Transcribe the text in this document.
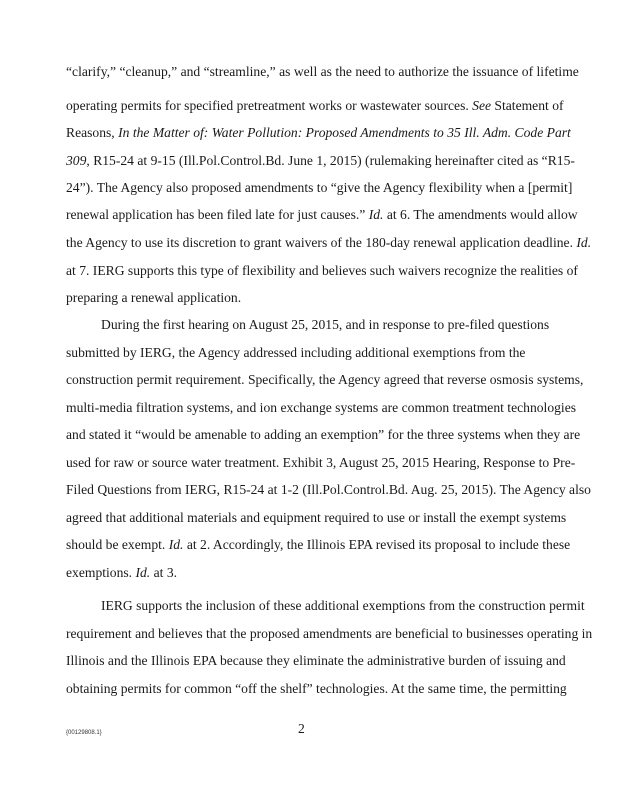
“clarify,” “cleanup,” and “streamline,” as well as the need to authorize the issuance of lifetime
operating permits for specified pretreatment works or wastewater sources. See Statement of
Reasons, In the Matter of: Water Pollution: Proposed Amendments to 35 Ill. Adm. Code Part
309, R15-24 at 9-15 (Ill.Pol.Control.Bd. June 1, 2015) (rulemaking hereinafter cited as “R15-
24”). The Agency also proposed amendments to “give the Agency flexibility when a [permit]
renewal application has been filed late for just causes.” Id. at 6. The amendments would allow
the Agency to use its discretion to grant waivers of the 180-day renewal application deadline. Id.
at 7. IERG supports this type of flexibility and believes such waivers recognize the realities of
preparing a renewal application.
During the first hearing on August 25, 2015, and in response to pre-filed questions
submitted by IERG, the Agency addressed including additional exemptions from the
construction permit requirement. Specifically, the Agency agreed that reverse osmosis systems,
multi-media filtration systems, and ion exchange systems are common treatment technologies
and stated it “would be amenable to adding an exemption” for the three systems when they are
used for raw or source water treatment. Exhibit 3, August 25, 2015 Hearing, Response to Pre-
Filed Questions from IERG, R15-24 at 1-2 (Ill.Pol.Control.Bd. Aug. 25, 2015). The Agency also
agreed that additional materials and equipment required to use or install the exempt systems
should be exempt. Id. at 2. Accordingly, the Illinois EPA revised its proposal to include these
exemptions. Id. at 3.
IERG supports the inclusion of these additional exemptions from the construction permit
requirement and believes that the proposed amendments are beneficial to businesses operating in
Illinois and the Illinois EPA because they eliminate the administrative burden of issuing and
obtaining permits for common “off the shelf” technologies. At the same time, the permitting
{00129808.1}	2
